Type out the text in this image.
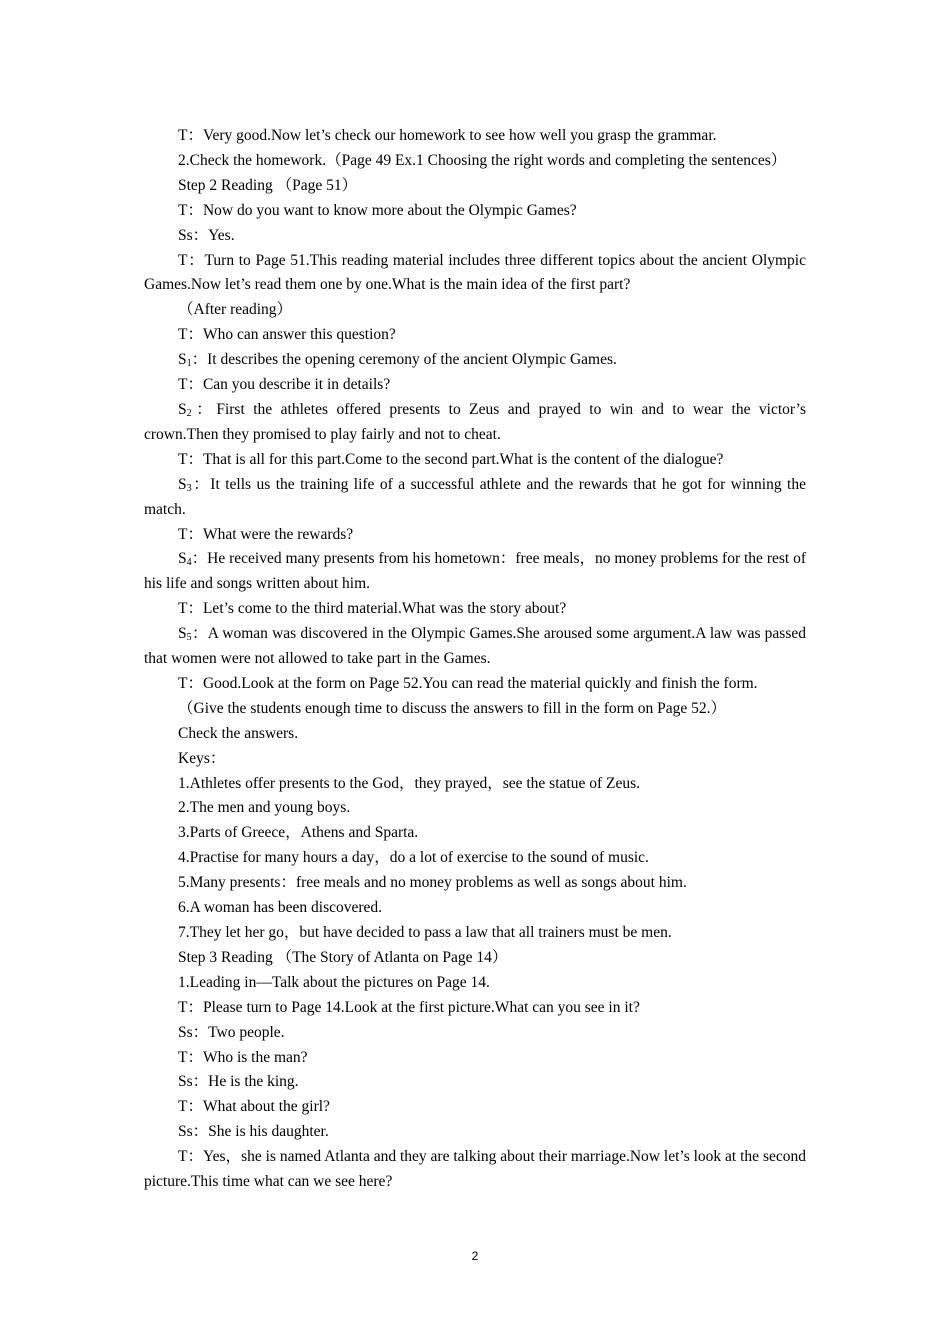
T：Very good.Now let’s check our homework to see how well you grasp the grammar.

2.Check the homework.（Page 49 Ex.1 Choosing the right words and completing the sentences）

Step 2 Reading （Page 51）

T：Now do you want to know more about the Olympic Games?

Ss：Yes.

T：Turn to Page 51.This reading material includes three different topics about the ancient Olympic Games.Now let’s read them one by one.What is the main idea of the first part?

（After reading）

T：Who can answer this question?

$S_1$：It describes the opening ceremony of the ancient Olympic Games.

T：Can you describe it in details?

$S_2$：First the athletes offered presents to Zeus and prayed to win and to wear the victor’s crown.Then they promised to play fairly and not to cheat.

T：That is all for this part.Come to the second part.What is the content of the dialogue?

$S_3$：It tells us the training life of a successful athlete and the rewards that he got for winning the match.

T：What were the rewards?

$S_4$：He received many presents from his hometown：free meals，no money problems for the rest of his life and songs written about him.

T：Let’s come to the third material.What was the story about?

$S_5$：A woman was discovered in the Olympic Games.She aroused some argument.A law was passed that women were not allowed to take part in the Games.

T：Good.Look at the form on Page 52.You can read the material quickly and finish the form.

（Give the students enough time to discuss the answers to fill in the form on Page 52.）

Check the answers.

Keys：

1.Athletes offer presents to the God，they prayed，see the statue of Zeus.

2.The men and young boys.

3.Parts of Greece，Athens and Sparta.

4.Practise for many hours a day，do a lot of exercise to the sound of music.

5.Many presents：free meals and no money problems as well as songs about him.

6.A woman has been discovered.

7.They let her go，but have decided to pass a law that all trainers must be men.

Step 3 Reading （The Story of Atlanta on Page 14）

1.Leading in—Talk about the pictures on Page 14.

T：Please turn to Page 14.Look at the first picture.What can you see in it?

Ss：Two people.

T：Who is the man?

Ss：He is the king.

T：What about the girl?

Ss：She is his daughter.

T：Yes，she is named Atlanta and they are talking about their marriage.Now let’s look at the second picture.This time what can we see here?

2
